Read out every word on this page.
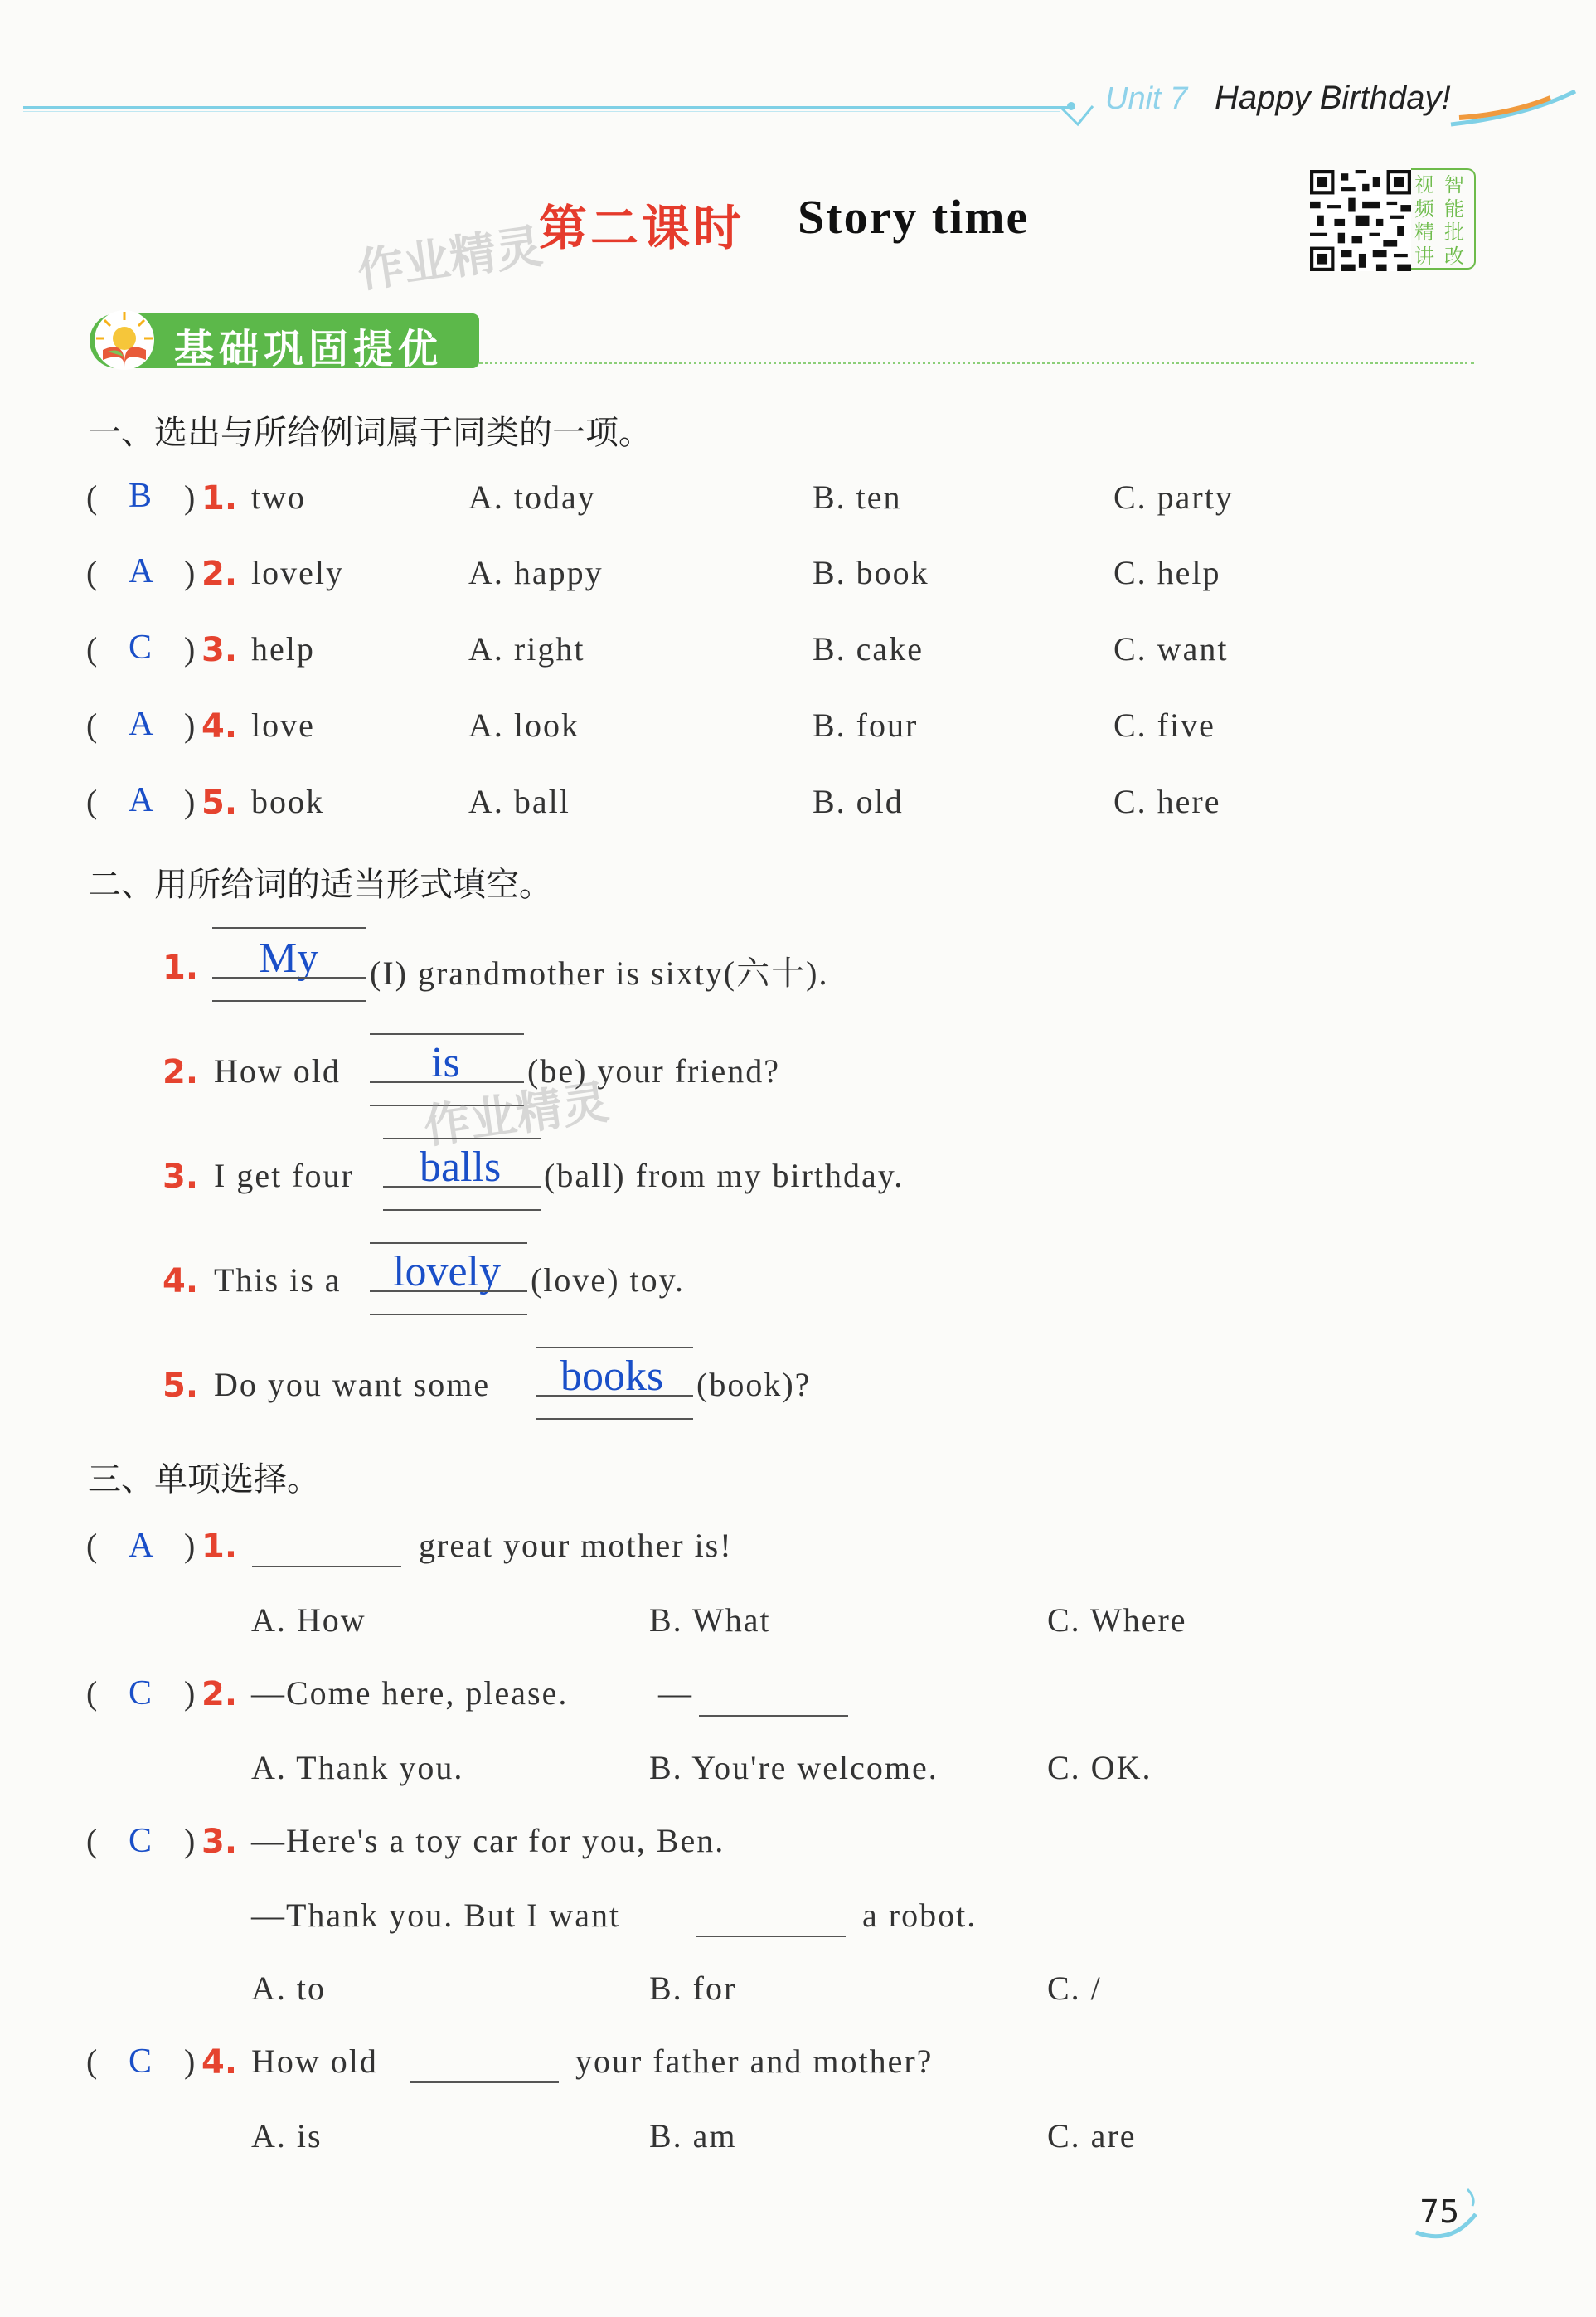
Unit 7 Happy Birthday!
作业精灵
第二课时 Story time
视 智
频 能
精 批
讲 改
基础巩固提优
一、选出与所给例词属于同类的一项。
( B ) 1. two	A. today	B. ten	C. party
( A ) 2. lovely	A. happy	B. book	C. help
( C ) 3. help	A. right	B. cake	C. want
( A ) 4. love	A. look	B. four	C. five
( A ) 5. book	A. ball	B. old	C. here
二、用所给词的适当形式填空。
1. My (I) grandmother is sixty(六十).
2. How old is (be) your friend?
作业精灵
3. I get four balls (ball) from my birthday.
4. This is a lovely (love) toy.
5. Do you want some books (book)?
三、单项选择。
( A ) 1.	great your mother is!
A. How	B. What	C. Where
( C ) 2. —Come here, please.	—
A. Thank you.	B. You're welcome.	C. OK.
( C ) 3. —Here's a toy car for you, Ben.
—Thank you. But I want	a robot.
A. to	B. for	C. /
( C ) 4. How old	your father and mother?
A. is	B. am	C. are
75
